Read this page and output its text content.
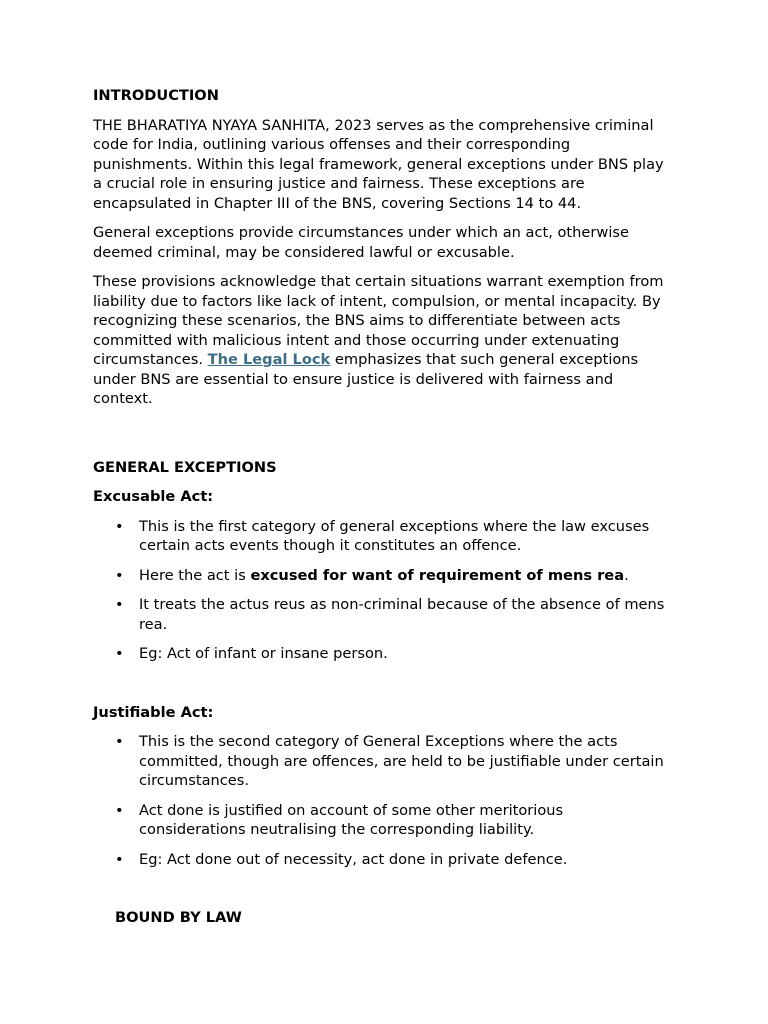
INTRODUCTION

THE BHARATIYA NYAYA SANHITA, 2023 serves as the comprehensive criminal code for India, outlining various offenses and their corresponding punishments. Within this legal framework, general exceptions under BNS play a crucial role in ensuring justice and fairness. These exceptions are encapsulated in Chapter III of the BNS, covering Sections 14 to 44.

General exceptions provide circumstances under which an act, otherwise deemed criminal, may be considered lawful or excusable.

These provisions acknowledge that certain situations warrant exemption from liability due to factors like lack of intent, compulsion, or mental incapacity. By recognizing these scenarios, the BNS aims to differentiate between acts committed with malicious intent and those occurring under extenuating circumstances. The Legal Lock emphasizes that such general exceptions under BNS are essential to ensure justice is delivered with fairness and context.

GENERAL EXCEPTIONS
Excusable Act:
• This is the first category of general exceptions where the law excuses certain acts events though it constitutes an offence.
• Here the act is excused for want of requirement of mens rea.
• It treats the actus reus as non-criminal because of the absence of mens rea.
• Eg: Act of infant or insane person.
Justifiable Act:
• This is the second category of General Exceptions where the acts committed, though are offences, are held to be justifiable under certain circumstances.
• Act done is justified on account of some other meritorious considerations neutralising the corresponding liability.
• Eg: Act done out of necessity, act done in private defence.
BOUND BY LAW
